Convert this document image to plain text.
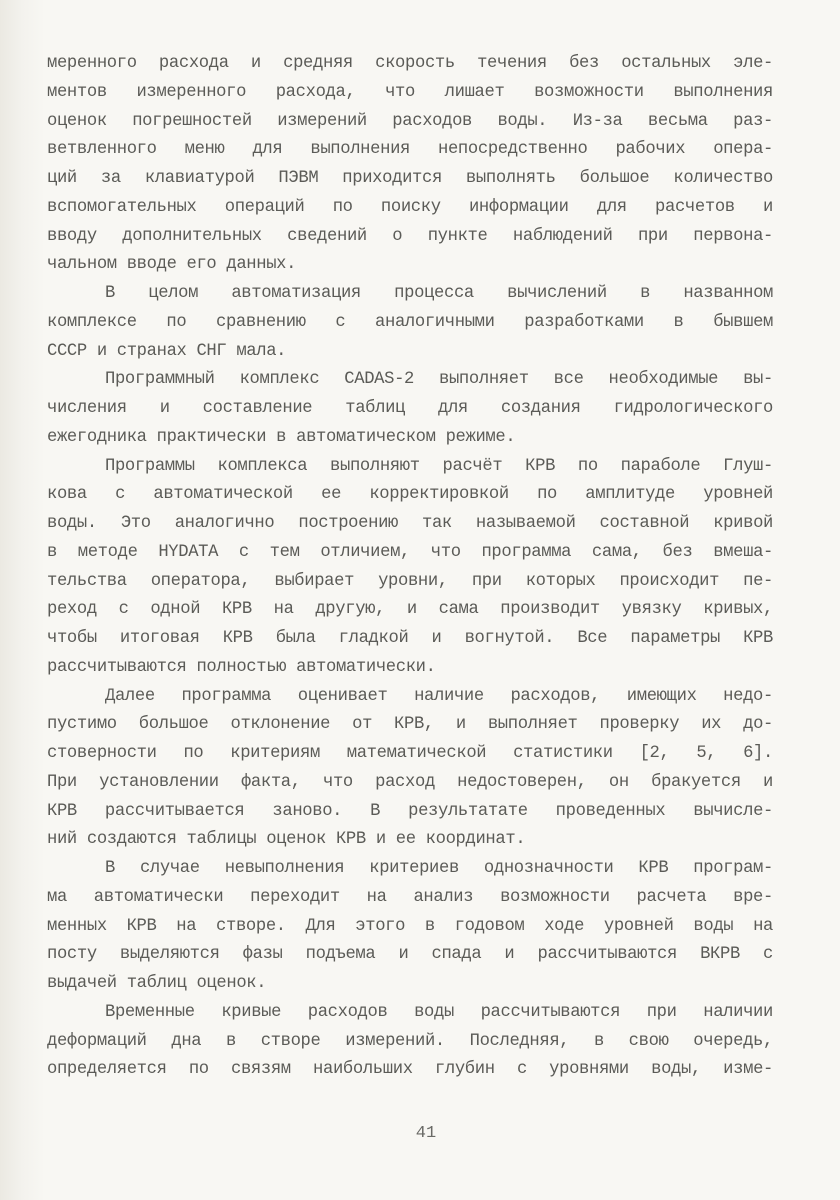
меренного расхода и средняя скорость течения без остальных эле-
ментов измеренного расхода, что лишает возможности выполнения
оценок погрешностей измерений расходов воды. Из-за весьма раз-
ветвленного меню для выполнения непосредственно рабочих опера-
ций за клавиатурой ПЭВМ приходится выполнять большое количество
вспомогательных операций по поиску информации для расчетов и
вводу дополнительных сведений о пункте наблюдений при первона-
чальном вводе его данных.
В целом автоматизация процесса вычислений в названном
комплексе по сравнению с аналогичными разработками в бывшем
СССР и странах СНГ мала.
Программный комплекс CADAS-2 выполняет все необходимые вы-
числения и составление таблиц для создания гидрологического
ежегодника практически в автоматическом режиме.
Программы комплекса выполняют расчёт КРВ по параболе Глуш-
кова с автоматической ее корректировкой по амплитуде уровней
воды. Это аналогично построению так называемой составной кривой
в методе HYDATA с тем отличием, что программа сама, без вмеша-
тельства оператора, выбирает уровни, при которых происходит пе-
реход с одной КРВ на другую, и сама производит увязку кривых,
чтобы итоговая КРВ была гладкой и вогнутой. Все параметры КРВ
рассчитываются полностью автоматически.
Далее программа оценивает наличие расходов, имеющих недо-
пустимо большое отклонение от КРВ, и выполняет проверку их до-
стоверности по критериям математической статистики [2, 5, 6].
При установлении факта, что расход недостоверен, он бракуется и
КРВ рассчитывается заново. В результатате проведенных вычисле-
ний создаются таблицы оценок КРВ и ее координат.
В случае невыполнения критериев однозначности КРВ програм-
ма автоматически переходит на анализ возможности расчета вре-
менных КРВ на створе. Для этого в годовом ходе уровней воды на
посту выделяются фазы подъема и спада и рассчитываются ВКРВ с
выдачей таблиц оценок.
Временные кривые расходов воды рассчитываются при наличии
деформаций дна в створе измерений. Последняя, в свою очередь,
определяется по связям наибольших глубин с уровнями воды, изме-
41
